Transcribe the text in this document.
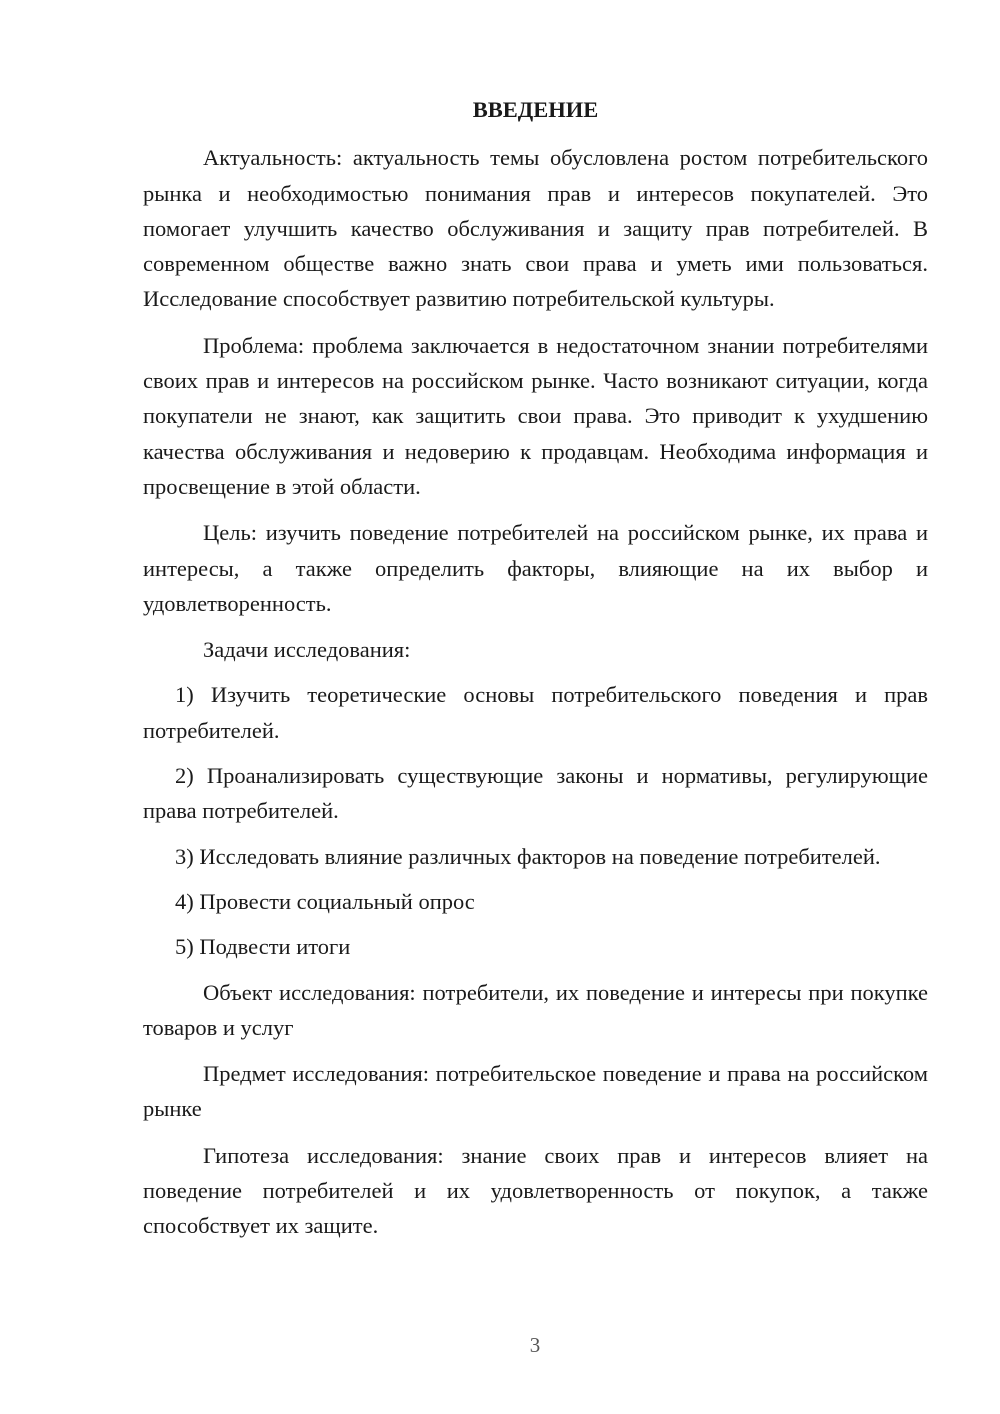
ВВЕДЕНИЕ

Актуальность: актуальность темы обусловлена ростом потребительского рынка и необходимостью понимания прав и интересов покупателей. Это помогает улучшить качество обслуживания и защиту прав потребителей. В современном обществе важно знать свои права и уметь ими пользоваться. Исследование способствует развитию потребительской культуры.

Проблема: проблема заключается в недостаточном знании потребителями своих прав и интересов на российском рынке. Часто возникают ситуации, когда покупатели не знают, как защитить свои права. Это приводит к ухудшению качества обслуживания и недоверию к продавцам. Необходима информация и просвещение в этой области.

Цель: изучить поведение потребителей на российском рынке, их права и интересы, а также определить факторы, влияющие на их выбор и удовлетворенность.

Задачи исследования:

1) Изучить теоретические основы потребительского поведения и прав потребителей.

2) Проанализировать существующие законы и нормативы, регулирующие права потребителей.

3) Исследовать влияние различных факторов на поведение потребителей.

4) Провести социальный опрос

5) Подвести итоги

Объект исследования: потребители, их поведение и интересы при покупке товаров и услуг

Предмет исследования: потребительское поведение и права на российском рынке

Гипотеза исследования: знание своих прав и интересов влияет на поведение потребителей и их удовлетворенность от покупок, а также способствует их защите.

3
